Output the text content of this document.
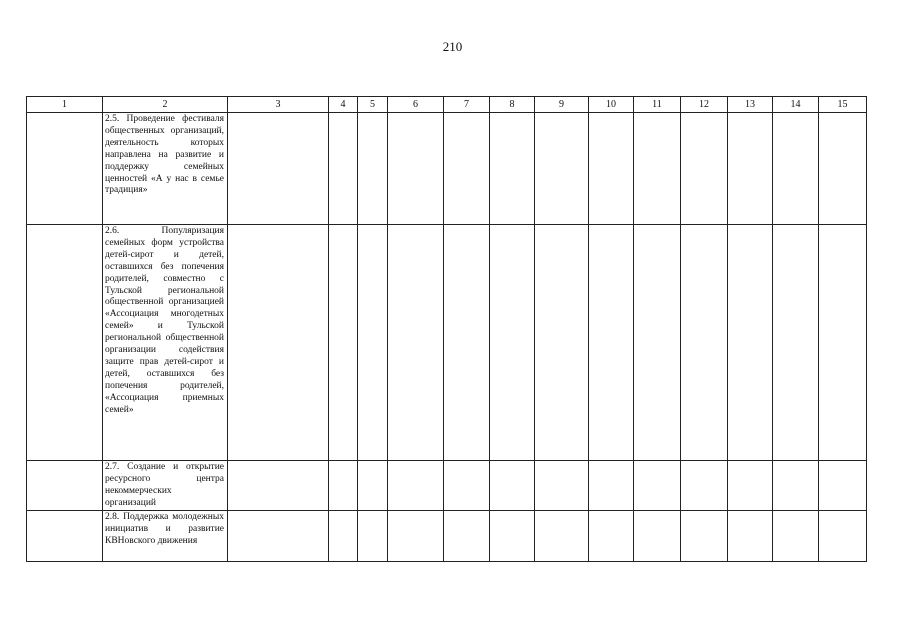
210
1	2	3	4	5	6	7	8	9	10	11	12	13	14	15

	2.5. Проведение фестиваля общественных организаций, деятельность которых направлена на развитие и поддержку семейных ценностей «А у нас в семье традиция»													

	2.6. Популяризация семейных форм устройства детей-сирот и детей, оставшихся без попечения родителей, совместно с Тульской региональной общественной организацией «Ассоциация многодетных семей» и Тульской региональной общественной организации содействия защите прав детей-сирот и детей, оставшихся без попечения родителей, «Ассоциация приемных семей»													

	2.7. Создание и открытие ресурсного центра некоммерческих организаций													

	2.8. Поддержка молодежных инициатив и развитие КВНовского движения													
